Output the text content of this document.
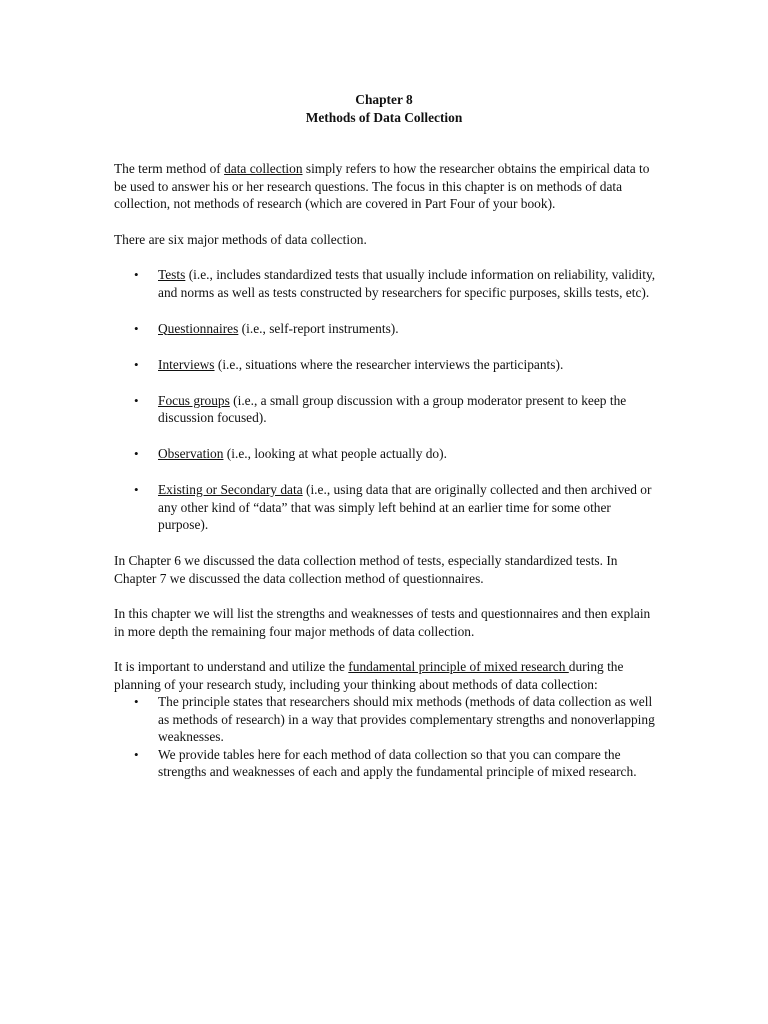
Chapter 8
Methods of Data Collection

The term method of data collection simply refers to how the researcher obtains the empirical data to be used to answer his or her research questions. The focus in this chapter is on methods of data collection, not methods of research (which are covered in Part Four of your book).

There are six major methods of data collection.

• Tests (i.e., includes standardized tests that usually include information on reliability, validity, and norms as well as tests constructed by researchers for specific purposes, skills tests, etc).
• Questionnaires (i.e., self-report instruments).
• Interviews (i.e., situations where the researcher interviews the participants).
• Focus groups (i.e., a small group discussion with a group moderator present to keep the discussion focused).
• Observation (i.e., looking at what people actually do).
• Existing or Secondary data (i.e., using data that are originally collected and then archived or any other kind of “data” that was simply left behind at an earlier time for some other purpose).

In Chapter 6 we discussed the data collection method of tests, especially standardized tests. In Chapter 7 we discussed the data collection method of questionnaires.

In this chapter we will list the strengths and weaknesses of tests and questionnaires and then explain in more depth the remaining four major methods of data collection.

It is important to understand and utilize the fundamental principle of mixed research during the planning of your research study, including your thinking about methods of data collection:

• The principle states that researchers should mix methods (methods of data collection as well as methods of research) in a way that provides complementary strengths and nonoverlapping weaknesses.
• We provide tables here for each method of data collection so that you can compare the strengths and weaknesses of each and apply the fundamental principle of mixed research.
